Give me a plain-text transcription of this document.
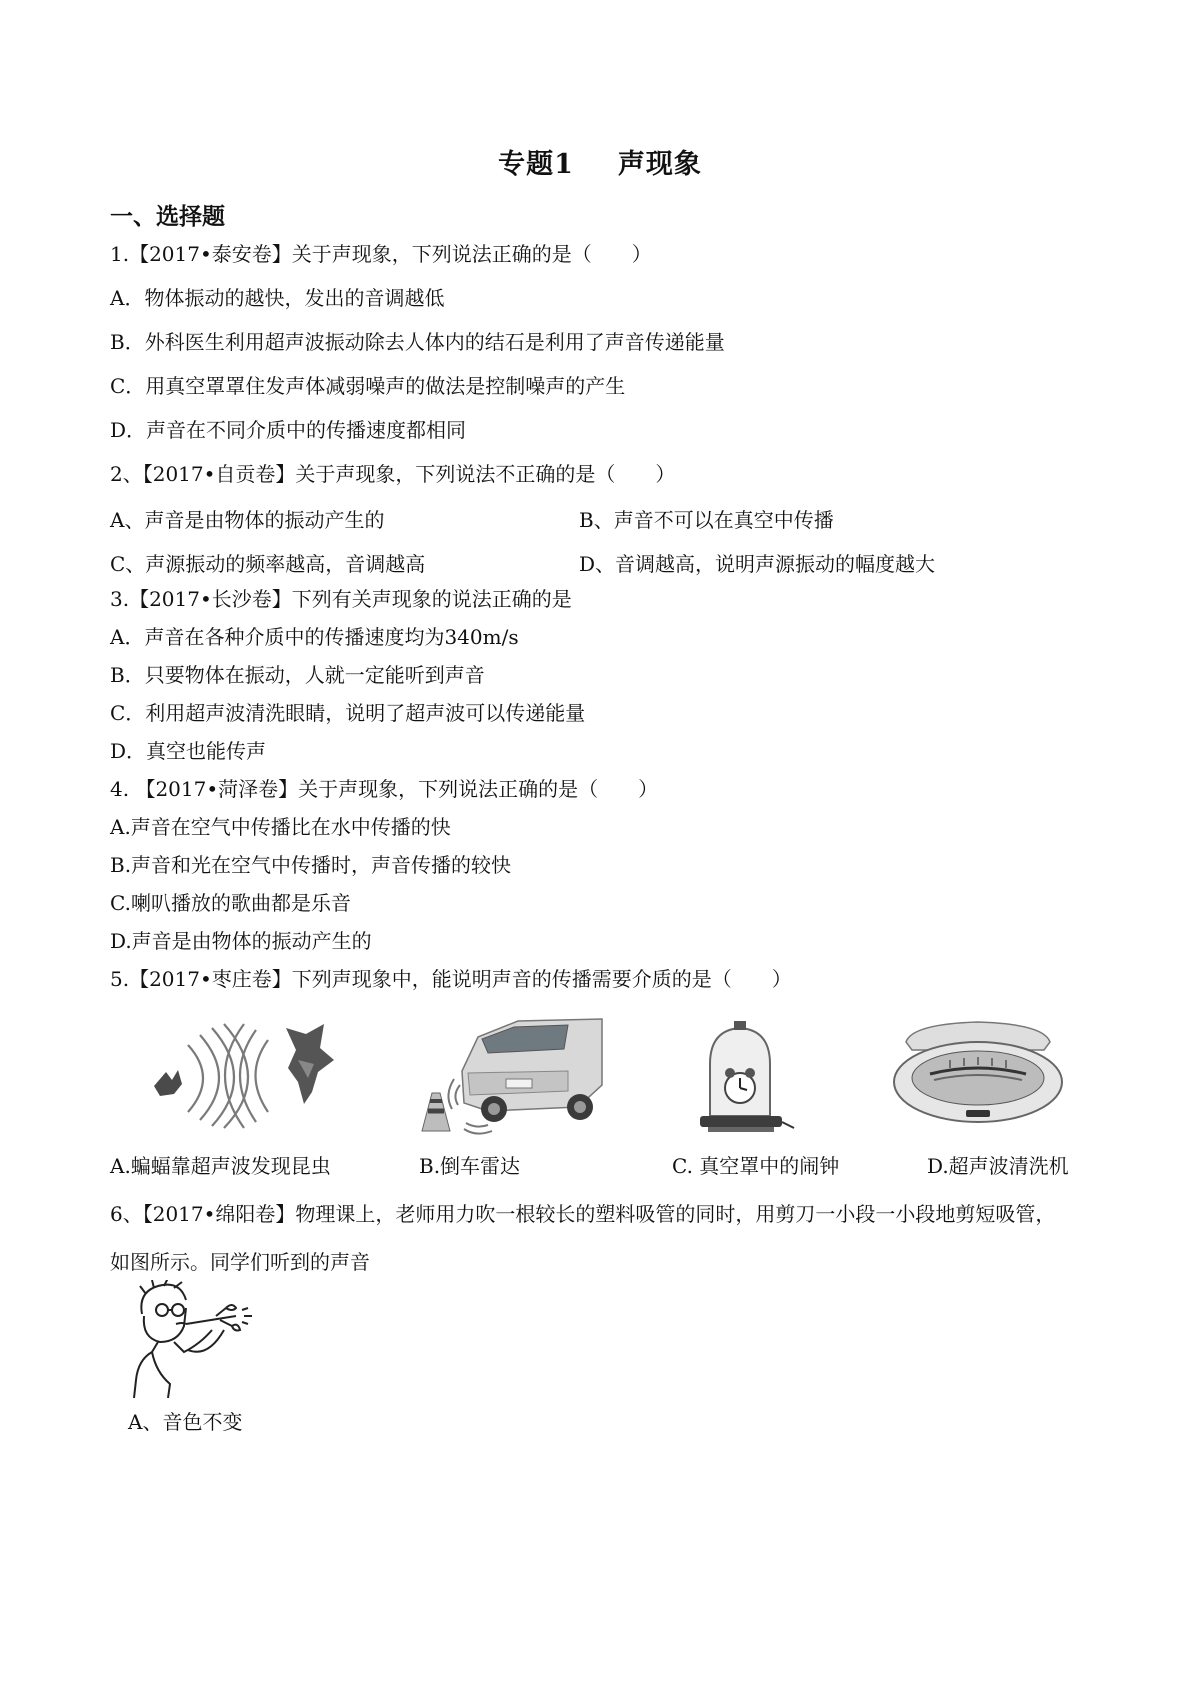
专题1 声现象
一、选择题
1.【2017•泰安卷】关于声现象，下列说法正确的是（　　）
A．物体振动的越快，发出的音调越低
B．外科医生利用超声波振动除去人体内的结石是利用了声音传递能量
C．用真空罩罩住发声体减弱噪声的做法是控制噪声的产生
D．声音在不同介质中的传播速度都相同
2、【2017•自贡卷】关于声现象，下列说法不正确的是（　　）
A、声音是由物体的振动产生的	B、声音不可以在真空中传播
C、声源振动的频率越高，音调越高	D、音调越高，说明声源振动的幅度越大
3.【2017•长沙卷】下列有关声现象的说法正确的是
A．声音在各种介质中的传播速度均为340m/s
B．只要物体在振动，人就一定能听到声音
C．利用超声波清洗眼睛，说明了超声波可以传递能量
D．真空也能传声
4. 【2017•菏泽卷】关于声现象，下列说法正确的是（　　）
A.声音在空气中传播比在水中传播的快
B.声音和光在空气中传播时，声音传播的较快
C.喇叭播放的歌曲都是乐音
D.声音是由物体的振动产生的
5.【2017•枣庄卷】下列声现象中，能说明声音的传播需要介质的是（　　）
A.蝙蝠靠超声波发现昆虫	B.倒车雷达	C. 真空罩中的闹钟	D.超声波清洗机
6、【2017•绵阳卷】物理课上，老师用力吹一根较长的塑料吸管的同时，用剪刀一小段一小段地剪短吸管，
如图所示。同学们听到的声音
A、音色不变
